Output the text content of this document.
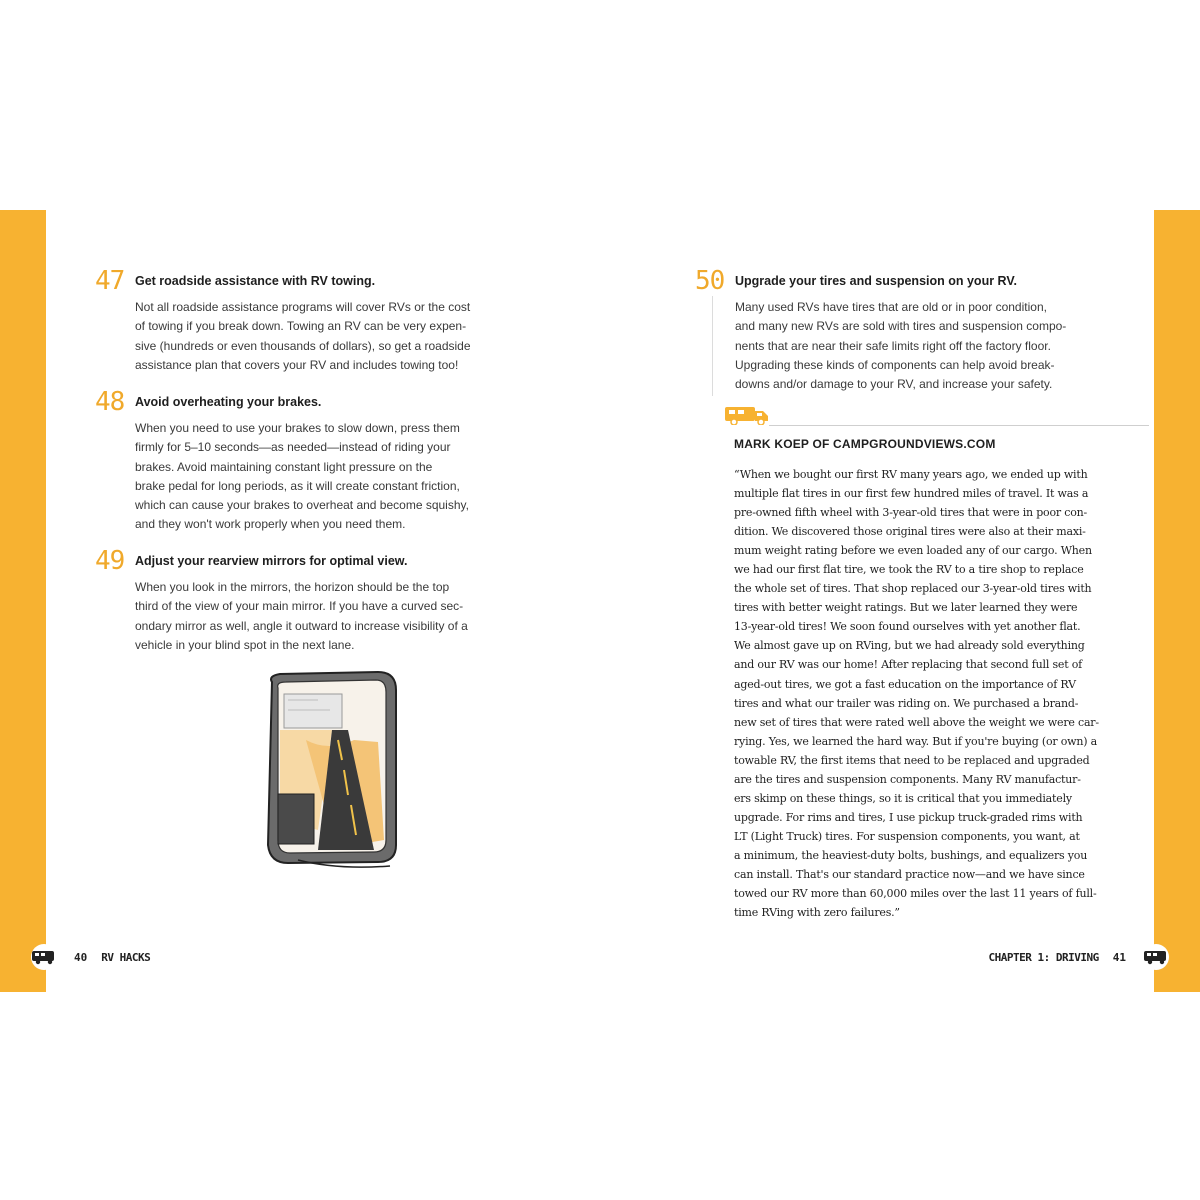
47 Get roadside assistance with RV towing.
Not all roadside assistance programs will cover RVs or the cost
of towing if you break down. Towing an RV can be very expen-
sive (hundreds or even thousands of dollars), so get a roadside
assistance plan that covers your RV and includes towing too!
48 Avoid overheating your brakes.
When you need to use your brakes to slow down, press them
firmly for 5–10 seconds—as needed—instead of riding your
brakes. Avoid maintaining constant light pressure on the
brake pedal for long periods, as it will create constant friction,
which can cause your brakes to overheat and become squishy,
and they won't work properly when you need them.
49 Adjust your rearview mirrors for optimal view.
When you look in the mirrors, the horizon should be the top
third of the view of your main mirror. If you have a curved sec-
ondary mirror as well, angle it outward to increase visibility of a
vehicle in your blind spot in the next lane.
50 Upgrade your tires and suspension on your RV.
Many used RVs have tires that are old or in poor condition,
and many new RVs are sold with tires and suspension compo-
nents that are near their safe limits right off the factory floor.
Upgrading these kinds of components can help avoid break-
downs and/or damage to your RV, and increase your safety.
MARK KOEP OF CAMPGROUNDVIEWS.COM
“When we bought our first RV many years ago, we ended up with
multiple flat tires in our first few hundred miles of travel. It was a
pre-owned fifth wheel with 3-year-old tires that were in poor con-
dition. We discovered those original tires were also at their maxi-
mum weight rating before we even loaded any of our cargo. When
we had our first flat tire, we took the RV to a tire shop to replace
the whole set of tires. That shop replaced our 3-year-old tires with
tires with better weight ratings. But we later learned they were
13-year-old tires! We soon found ourselves with yet another flat.
We almost gave up on RVing, but we had already sold everything
and our RV was our home! After replacing that second full set of
aged-out tires, we got a fast education on the importance of RV
tires and what our trailer was riding on. We purchased a brand-
new set of tires that were rated well above the weight we were car-
rying. Yes, we learned the hard way. But if you're buying (or own) a
towable RV, the first items that need to be replaced and upgraded
are the tires and suspension components. Many RV manufactur-
ers skimp on these things, so it is critical that you immediately
upgrade. For rims and tires, I use pickup truck-graded rims with
LT (Light Truck) tires. For suspension components, you want, at
a minimum, the heaviest-duty bolts, bushings, and equalizers you
can install. That's our standard practice now—and we have since
towed our RV more than 60,000 miles over the last 11 years of full-
time RVing with zero failures.”
40 RV HACKS	CHAPTER 1: DRIVING 41
